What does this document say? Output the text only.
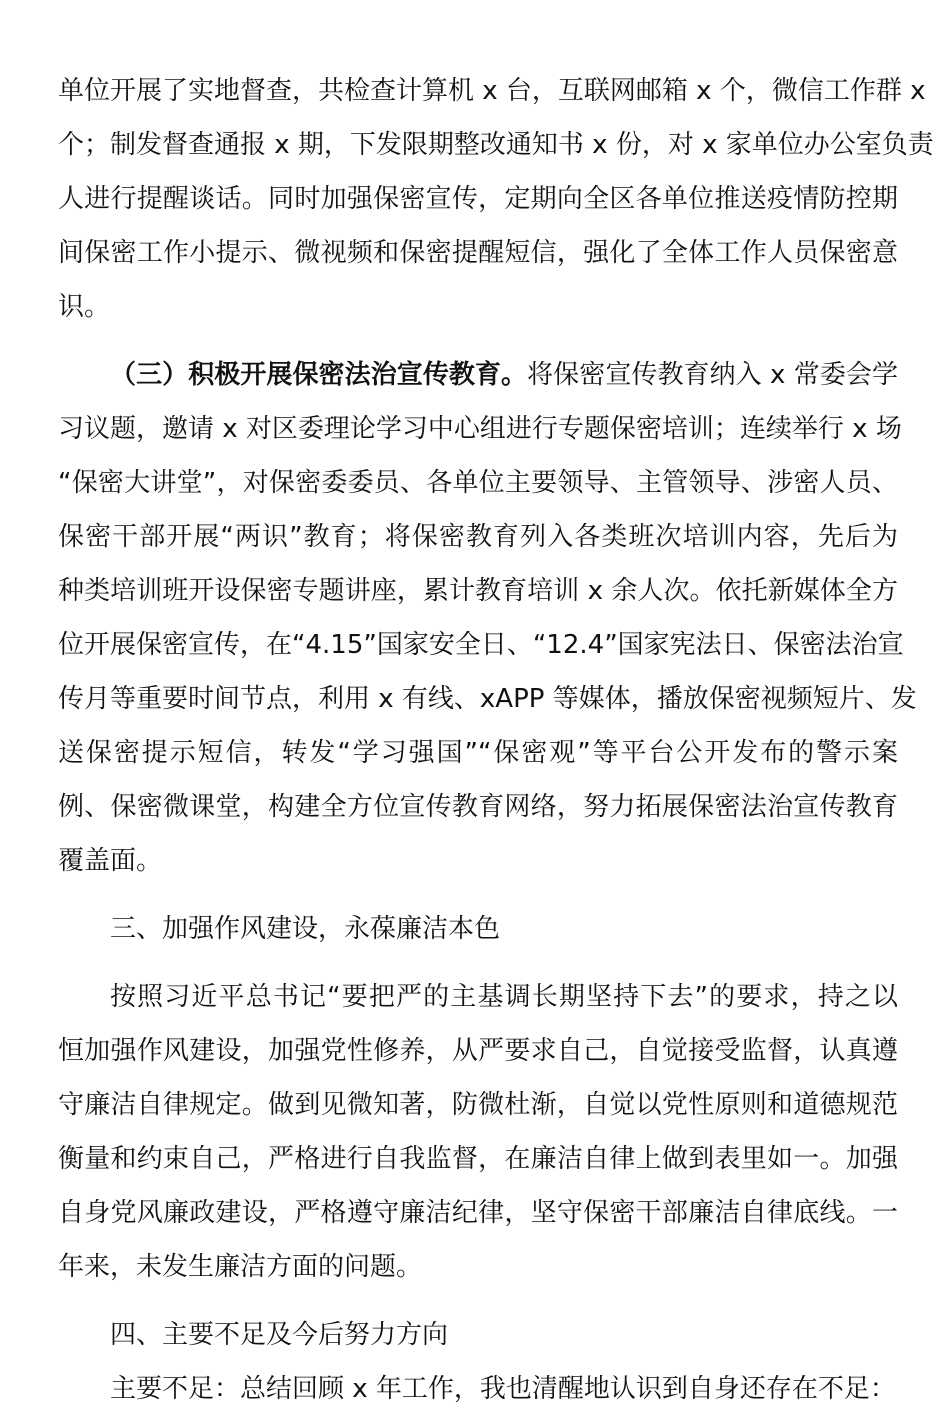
单位开展了实地督查，共检查计算机 x 台，互联网邮箱 x 个，微信工作群 x
个；制发督查通报 x 期，下发限期整改通知书 x 份，对 x 家单位办公室负责
人进行提醒谈话。同时加强保密宣传，定期向全区各单位推送疫情防控期
间保密工作小提示、微视频和保密提醒短信，强化了全体工作人员保密意
识。
（三）积极开展保密法治宣传教育。将保密宣传教育纳入 x 常委会学
习议题，邀请 x 对区委理论学习中心组进行专题保密培训；连续举行 x 场
“保密大讲堂”，对保密委委员、各单位主要领导、主管领导、涉密人员、
保密干部开展“两识”教育；将保密教育列入各类班次培训内容，先后为
种类培训班开设保密专题讲座，累计教育培训 x 余人次。依托新媒体全方
位开展保密宣传，在“4.15”国家安全日、“12.4”国家宪法日、保密法治宣
传月等重要时间节点，利用 x 有线、xAPP 等媒体，播放保密视频短片、发
送保密提示短信，转发“学习强国”“保密观”等平台公开发布的警示案
例、保密微课堂，构建全方位宣传教育网络，努力拓展保密法治宣传教育
覆盖面。
三、加强作风建设，永葆廉洁本色
按照习近平总书记“要把严的主基调长期坚持下去”的要求，持之以
恒加强作风建设，加强党性修养，从严要求自己，自觉接受监督，认真遵
守廉洁自律规定。做到见微知著，防微杜渐，自觉以党性原则和道德规范
衡量和约束自己，严格进行自我监督，在廉洁自律上做到表里如一。加强
自身党风廉政建设，严格遵守廉洁纪律，坚守保密干部廉洁自律底线。一
年来，未发生廉洁方面的问题。
四、主要不足及今后努力方向
主要不足：总结回顾 x 年工作，我也清醒地认识到自身还存在不足：
